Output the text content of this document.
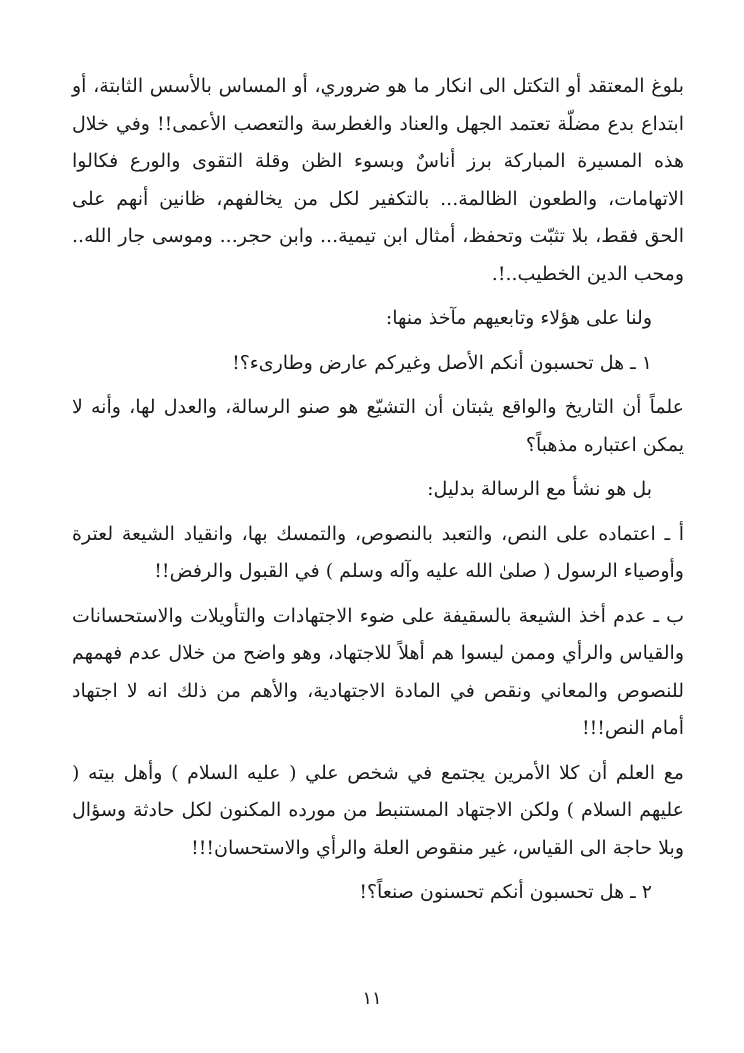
بلوغ المعتقد أو التكتل الى انكار ما هو ضروري، أو المساس بالأسس الثابتة، أو ابتداع بدع مضلّة تعتمد الجهل والعناد والغطرسة والتعصب الأعمى!! وفي خلال هذه المسيرة المباركة برز أناسٌ وبسوء الظن وقلة التقوى والورع فكالوا الاتهامات، والطعون الظالمة... بالتكفير لكل من يخالفهم، ظانين أنهم على الحق فقط، بلا تثبّت وتحفظ، أمثال ابن تيمية... وابن حجر... وموسى جار الله.. ومحب الدين الخطيب..!.

ولنا على هؤلاء وتابعيهم مآخذ منها:

١ ـ هل تحسبون أنكم الأصل وغيركم عارض وطارىء؟!

علماً أن التاريخ والواقع يثبتان أن التشيّع هو صنو الرسالة، والعدل لها، وأنه لا يمكن اعتباره مذهباً؟

بل هو نشأ مع الرسالة بدليل:

أ ـ اعتماده على النص، والتعبد بالنصوص، والتمسك بها، وانقياد الشيعة لعترة وأوصياء الرسول ( صلىٰ الله عليه وآله وسلم ) في القبول والرفض!!

ب ـ عدم أخذ الشيعة بالسقيفة على ضوء الاجتهادات والتأويلات والاستحسانات والقياس والرأي وممن ليسوا هم أهلاً للاجتهاد، وهو واضح من خلال عدم فهمهم للنصوص والمعاني ونقص في المادة الاجتهادية، والأهم من ذلك انه لا اجتهاد أمام النص!!!

مع العلم أن كلا الأمرين يجتمع في شخص علي ( عليه السلام ) وأهل بيته ( عليهم السلام ) ولكن الاجتهاد المستنبط من مورده المكنون لكل حادثة وسؤال وبلا حاجة الى القياس، غير منقوص العلة والرأي والاستحسان!!!

٢ ـ هل تحسبون أنكم تحسنون صنعاً؟!

١١
